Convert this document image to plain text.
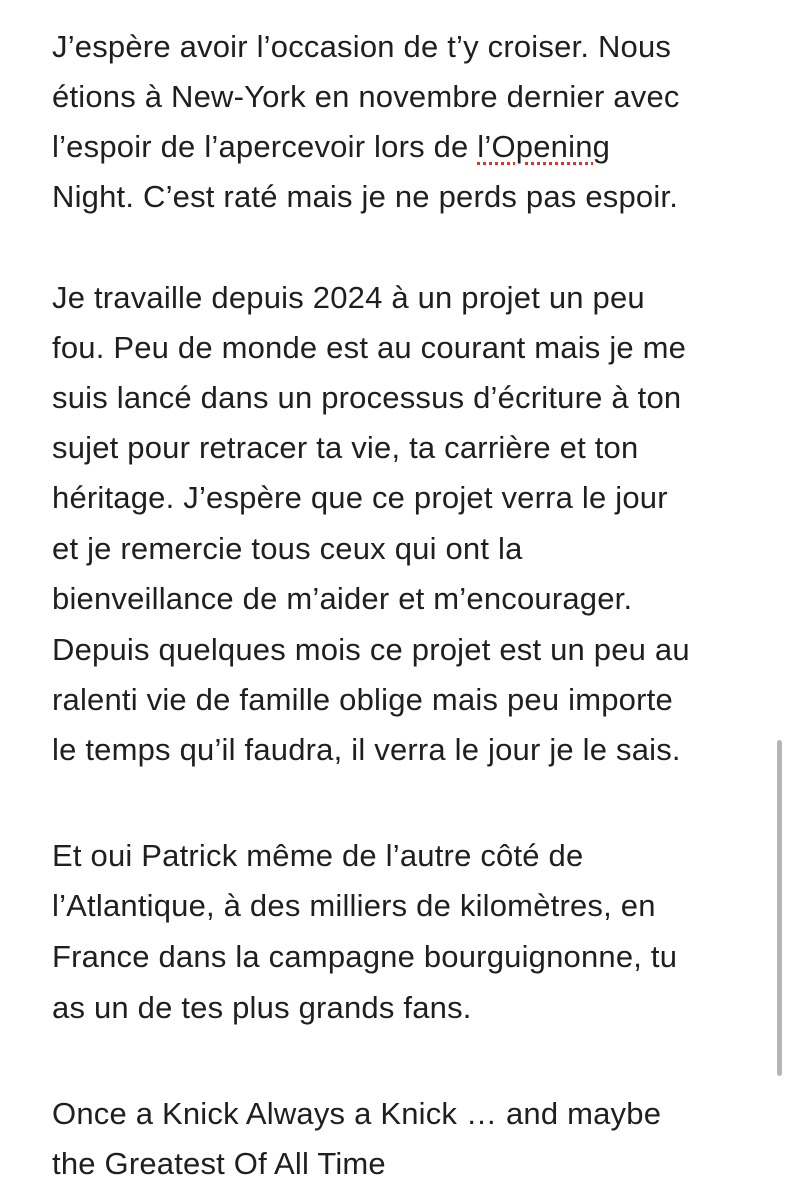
J’espère avoir l’occasion de t’y croiser. Nous
étions à New-York en novembre dernier avec
l’espoir de l’apercevoir lors de l’Opening
Night. C’est raté mais je ne perds pas espoir.
Je travaille depuis 2024 à un projet un peu
fou. Peu de monde est au courant mais je me
suis lancé dans un processus d’écriture à ton
sujet pour retracer ta vie, ta carrière et ton
héritage. J’espère que ce projet verra le jour
et je remercie tous ceux qui ont la
bienveillance de m’aider et m’encourager.
Depuis quelques mois ce projet est un peu au
ralenti vie de famille oblige mais peu importe
le temps qu’il faudra, il verra le jour je le sais.
Et oui Patrick même de l’autre côté de
l’Atlantique, à des milliers de kilomètres, en
France dans la campagne bourguignonne, tu
as un de tes plus grands fans.
Once a Knick Always a Knick … and maybe
the Greatest Of All Time
